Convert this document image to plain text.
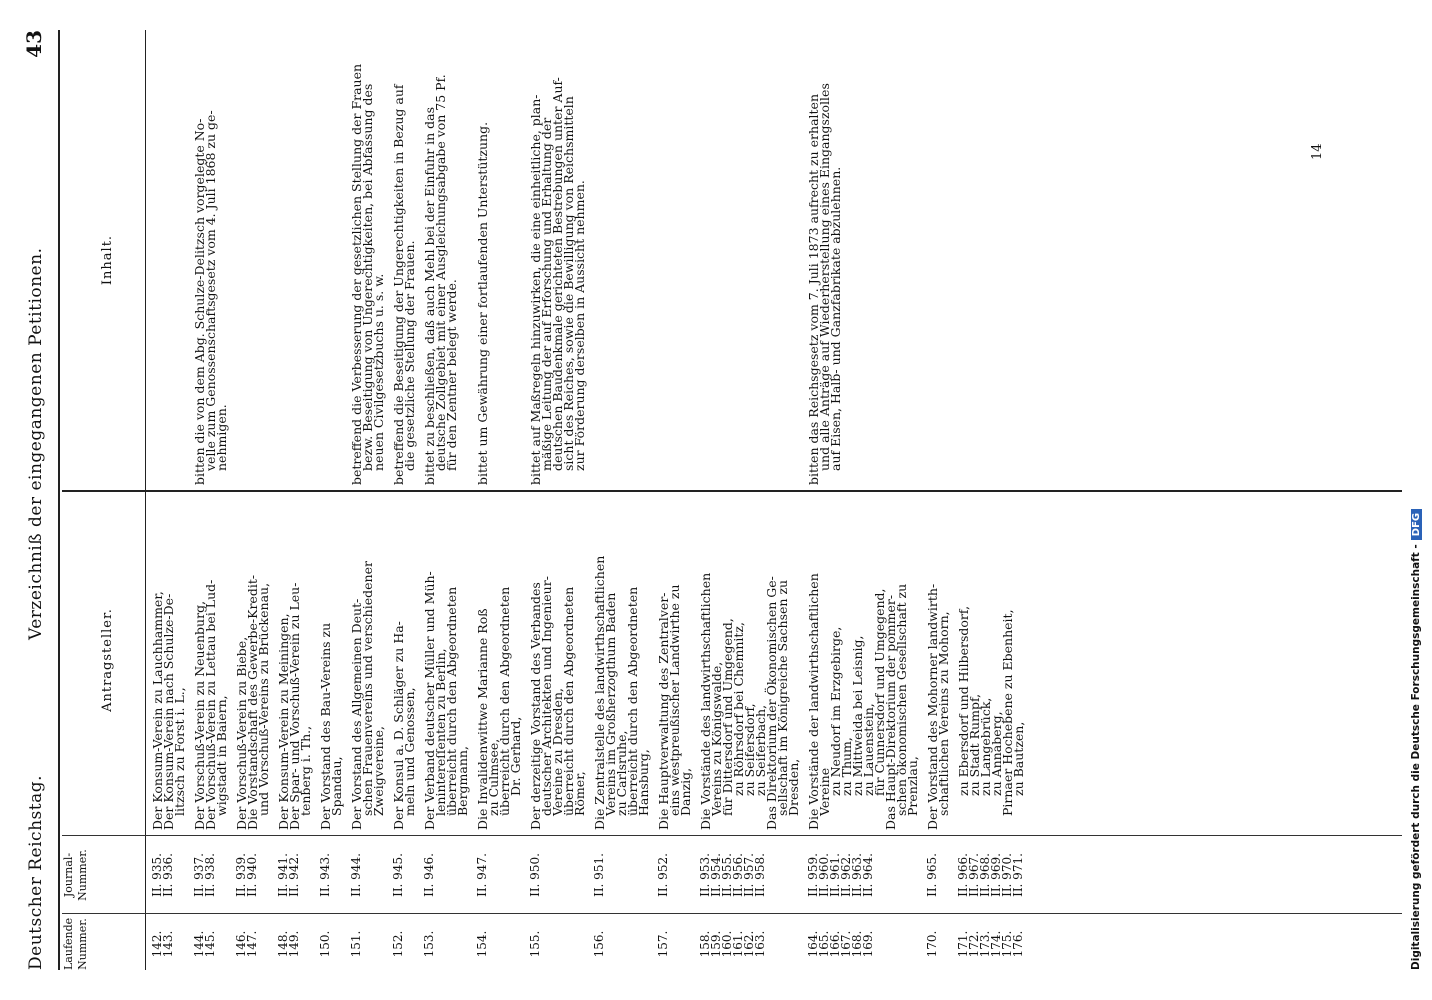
Deutscher Reichstag.
Verzeichniß der eingegangenen Petitionen.
43
Laufende Nummer.
Journal-Nummer.
Antragsteller.
Inhalt.
142.
143.
II. 935.
II. 936.
Der Konsum-Verein zu Lauchhammer,
Der Konsum-Verein nach Schulze-De-
litzsch zu Forst i. L.,
144.
145.
II. 937.
II. 938.
Der Vorschuß-Verein zu Neuenburg,
Der Vorschuß-Verein zu Lettau bei Lud-
wigstadt in Baiern,
bitten die von dem Abg. Schulze-Delitzsch vorgelegte No-
velle zum Genossenschaftsgesetz vom 4. Juli 1868 zu ge-
nehmigen.
146.
147.
II. 939.
II. 940.
Der Vorschuß-Verein zu Biebe,
Die Vorstandschaft des Gewerbe-Kredit-
und Vorschuß-Vereins zu Brückenau,
148.
149.
II. 941.
II. 942.
Der Konsum-Verein zu Meiningen,
Der Spar- und Vorschuß-Verein zu Leu-
tenberg i. Th.,
150.
II. 943.
Der Vorstand des Bau-Vereins zu
Spandau,
151.
II. 944.
Der Vorstand des Allgemeinen Deut-
schen Frauenvereins und verschiedener
Zweigvereine,
betreffend die Verbesserung der gesetzlichen Stellung der Frauen
bezw. Beseitigung von Ungerechtigkeiten, bei Abfassung des
neuen Civilgesetzbuchs u. s. w.
152.
II. 945.
Der Konsul a. D. Schläger zu Ha-
meln und Genossen,
betreffend die Beseitigung der Ungerechtigkeiten in Bezug auf
die gesetzliche Stellung der Frauen.
153.
II. 946.
Der Verband deutscher Müller und Müh-
lenintereſſenten zu Berlin,
überreicht durch den Abgeordneten
Bergmann,
bittet zu beschließen, daß auch Mehl bei der Einfuhr in das
deutsche Zollgebiet mit einer Ausgleichungsabgabe von 75 Pf.
für den Zentner belegt werde.
154.
II. 947.
Die Invalidenwittwe Marianne Roß
zu Culmsee,
überreicht durch den Abgeordneten
Dr. Gerhard,
bittet um Gewährung einer fortlaufenden Unterstützung.
155.
II. 950.
Der derzeitige Vorstand des Verbandes
deutscher Architekten und Ingenieur-
Vereine zu Dresden,
überreicht durch den Abgeordneten
Römer,
bittet auf Maßregeln hinzuwirken, die eine einheitliche, plan-
mäßige Leitung der auf Erforschung und Erhaltung der
deutschen Baudenkmale gerichteten Bestrebungen unter Auf-
sicht des Reiches, sowie die Bewilligung von Reichsmitteln
zur Förderung derselben in Aussicht nehmen.
156.
II. 951.
Die Zentralstelle des landwirthschaftlichen
Vereins im Großherzogthum Baden
zu Carlsruhe,
überreicht durch den Abgeordneten
Hansburg,
157.
II. 952.
Die Hauptverwaltung des Zentralver-
eins westpreußischer Landwirthe zu
Danzig,
158.
159.
160.
161.
162.
163.
II. 953.
II. 954.
II. 955.
II. 956.
II. 957.
II. 958.
Die Vorstände des landwirthschaftlichen
Vereins zu Königswalde,
für Dittersdorf und Umgegend,
zu Röhrsdorf bei Chemnitz,
zu Seifersdorf,
zu Seiferbach,
Das Direktorium der Ökonomischen Ge-
sellschaft im Königreiche Sachsen zu
Dresden,
164.
165.
166.
167.
168.
169.
II. 959.
II. 960.
II. 961.
II. 962.
II. 963.
II. 964.
Die Vorstände der landwirthschaftlichen
Vereine
zu Neudorf im Erzgebirge,
zu Thum,
zu Mittweida bei Leisnig,
zu Lauenstein,
für Cunnersdorf und Umgegend,
Das Haupt-Direktorium der pommer-
schen ökonomischen Gesellschaft zu
Prenzlau,
bitten das Reichsgesetz vom 7. Juli 1873 aufrecht zu erhalten
und alle Anträge auf Wiederherstellung eines Eingangszolles
auf Eisen, Halb- und Ganzfabrikate abzulehnen.
170.
II. 965.
Der Vorstand des Mohorner landwirth-
schaftlichen Vereins zu Mohorn,
171.
172.
173.
174.
175.
176.
II. 966.
II. 967.
II. 968.
II. 969.
II. 970.
II. 971.
zu Ebersdorf und Hilbersdorf,
zu Stadt Rumpf,
zu Langebrück,
zu Annaberg,
Pirnaer Hochebene zu Ebenheit,
zu Bautzen,
14
Digitalisierung gefördert durch die Deutsche Forschungsgemeinschaft -DFG
